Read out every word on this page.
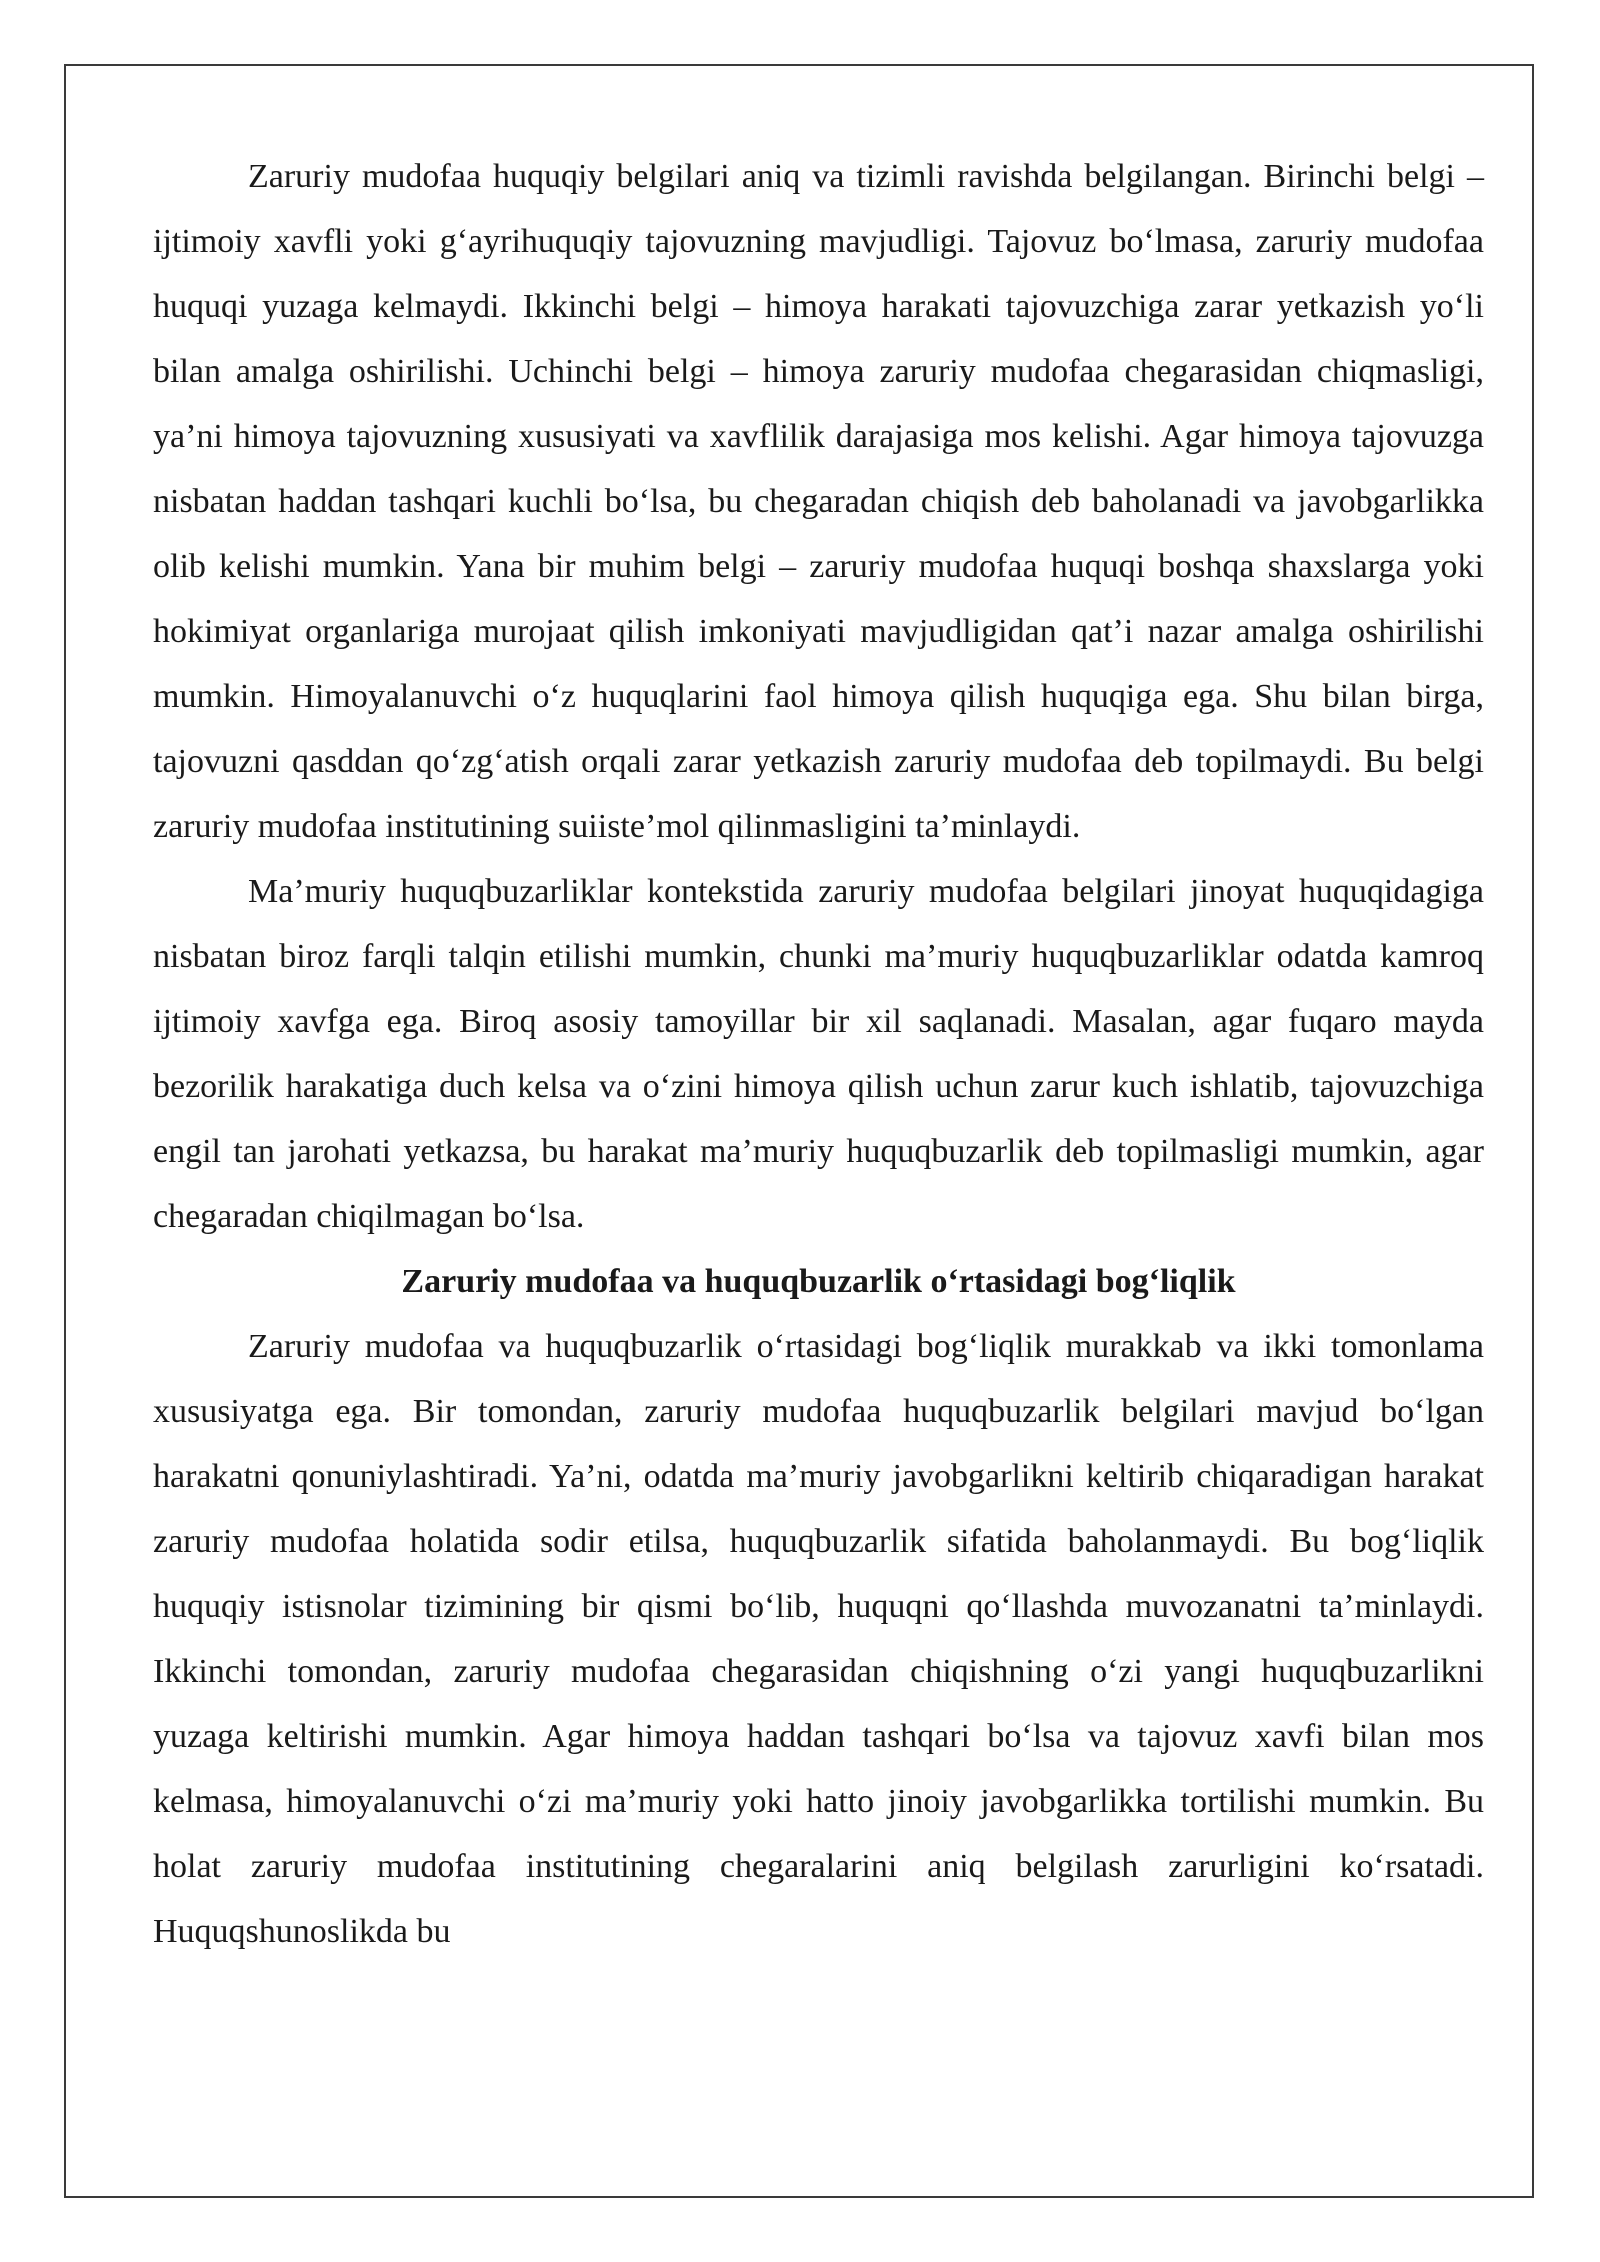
Zaruriy mudofaa huquqiy belgilari aniq va tizimli ravishda belgilangan. Birinchi belgi – ijtimoiy xavfli yoki g‘ayrihuquqiy tajovuzning mavjudligi. Tajovuz bo‘lmasa, zaruriy mudofaa huquqi yuzaga kelmaydi. Ikkinchi belgi – himoya harakati tajovuzchiga zarar yetkazish yo‘li bilan amalga oshirilishi. Uchinchi belgi – himoya zaruriy mudofaa chegarasidan chiqmasligi, ya’ni himoya tajovuzning xususiyati va xavflilik darajasiga mos kelishi. Agar himoya tajovuzga nisbatan haddan tashqari kuchli bo‘lsa, bu chegaradan chiqish deb baholanadi va javobgarlikka olib kelishi mumkin. Yana bir muhim belgi – zaruriy mudofaa huquqi boshqa shaxslarga yoki hokimiyat organlariga murojaat qilish imkoniyati mavjudligidan qat’i nazar amalga oshirilishi mumkin. Himoyalanuvchi o‘z huquqlarini faol himoya qilish huquqiga ega. Shu bilan birga, tajovuzni qasddan qo‘zg‘atish orqali zarar yetkazish zaruriy mudofaa deb topilmaydi. Bu belgi zaruriy mudofaa institutining suiiste’mol qilinmasligini ta’minlaydi.

Ma’muriy huquqbuzarliklar kontekstida zaruriy mudofaa belgilari jinoyat huquqidagiga nisbatan biroz farqli talqin etilishi mumkin, chunki ma’muriy huquqbuzarliklar odatda kamroq ijtimoiy xavfga ega. Biroq asosiy tamoyillar bir xil saqlanadi. Masalan, agar fuqaro mayda bezorilik harakatiga duch kelsa va o‘zini himoya qilish uchun zarur kuch ishlatib, tajovuzchiga engil tan jarohati yetkazsa, bu harakat ma’muriy huquqbuzarlik deb topilmasligi mumkin, agar chegaradan chiqilmagan bo‘lsa.

Zaruriy mudofaa va huquqbuzarlik o‘rtasidagi bog‘liqlik

Zaruriy mudofaa va huquqbuzarlik o‘rtasidagi bog‘liqlik murakkab va ikki tomonlama xususiyatga ega. Bir tomondan, zaruriy mudofaa huquqbuzarlik belgilari mavjud bo‘lgan harakatni qonuniylashtiradi. Ya’ni, odatda ma’muriy javobgarlikni keltirib chiqaradigan harakat zaruriy mudofaa holatida sodir etilsa, huquqbuzarlik sifatida baholanmaydi. Bu bog‘liqlik huquqiy istisnolar tizimining bir qismi bo‘lib, huquqni qo‘llashda muvozanatni ta’minlaydi. Ikkinchi tomondan, zaruriy mudofaa chegarasidan chiqishning o‘zi yangi huquqbuzarlikni yuzaga keltirishi mumkin. Agar himoya haddan tashqari bo‘lsa va tajovuz xavfi bilan mos kelmasa, himoyalanuvchi o‘zi ma’muriy yoki hatto jinoiy javobgarlikka tortilishi mumkin. Bu holat zaruriy mudofaa institutining chegaralarini aniq belgilash zarurligini ko‘rsatadi. Huquqshunoslikda bu
